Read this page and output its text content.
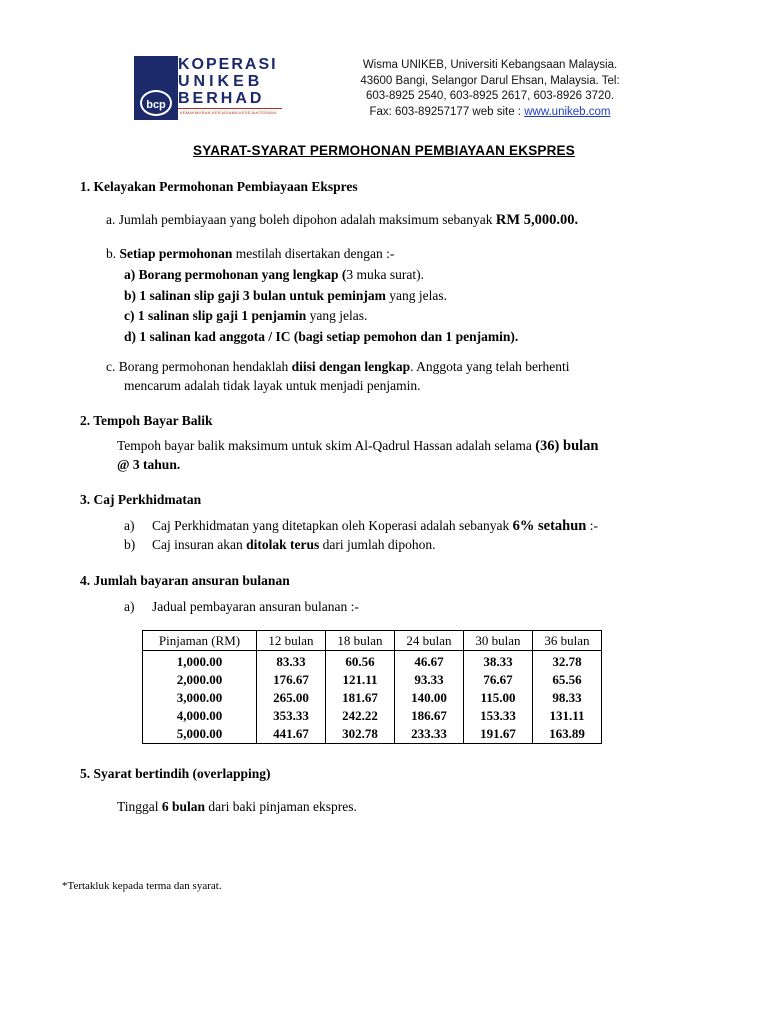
bcp
KOPERASI
UNIKEB
BERHAD
KEMAKMURAN KERJASAMA KESEJAHTERAAN
Wisma UNIKEB, Universiti Kebangsaan Malaysia.
43600 Bangi, Selangor Darul Ehsan, Malaysia. Tel:
603-8925 2540, 603-8925 2617, 603-8926 3720.
Fax: 603-89257177 web site : www.unikeb.com
SYARAT-SYARAT PERMOHONAN PEMBIAYAAN EKSPRES
1. Kelayakan Permohonan Pembiayaan Ekspres
a. Jumlah pembiayaan yang boleh dipohon adalah maksimum sebanyak RM 5,000.00.
b. Setiap permohonan mestilah disertakan dengan :-
a) Borang permohonan yang lengkap (3 muka surat).
b) 1 salinan slip gaji 3 bulan untuk peminjam yang jelas.
c) 1 salinan slip gaji 1 penjamin yang jelas.
d) 1 salinan kad anggota / IC (bagi setiap pemohon dan 1 penjamin).
c. Borang permohonan hendaklah diisi dengan lengkap. Anggota yang telah berhenti
mencarum adalah tidak layak untuk menjadi penjamin.
2. Tempoh Bayar Balik
Tempoh bayar balik maksimum untuk skim Al-Qadrul Hassan adalah selama (36) bulan
@ 3 tahun.
3. Caj Perkhidmatan
a) Caj Perkhidmatan yang ditetapkan oleh Koperasi adalah sebanyak 6% setahun :-
b) Caj insuran akan ditolak terus dari jumlah dipohon.
4. Jumlah bayaran ansuran bulanan
a) Jadual pembayaran ansuran bulanan :-
Pinjaman (RM)	12 bulan	18 bulan	24 bulan	30 bulan	36 bulan
1,000.00	83.33	60.56	46.67	38.33	32.78
2,000.00	176.67	121.11	93.33	76.67	65.56
3,000.00	265.00	181.67	140.00	115.00	98.33
4,000.00	353.33	242.22	186.67	153.33	131.11
5,000.00	441.67	302.78	233.33	191.67	163.89
5. Syarat bertindih (overlapping)
Tinggal 6 bulan dari baki pinjaman ekspres.
*Tertakluk kepada terma dan syarat.
